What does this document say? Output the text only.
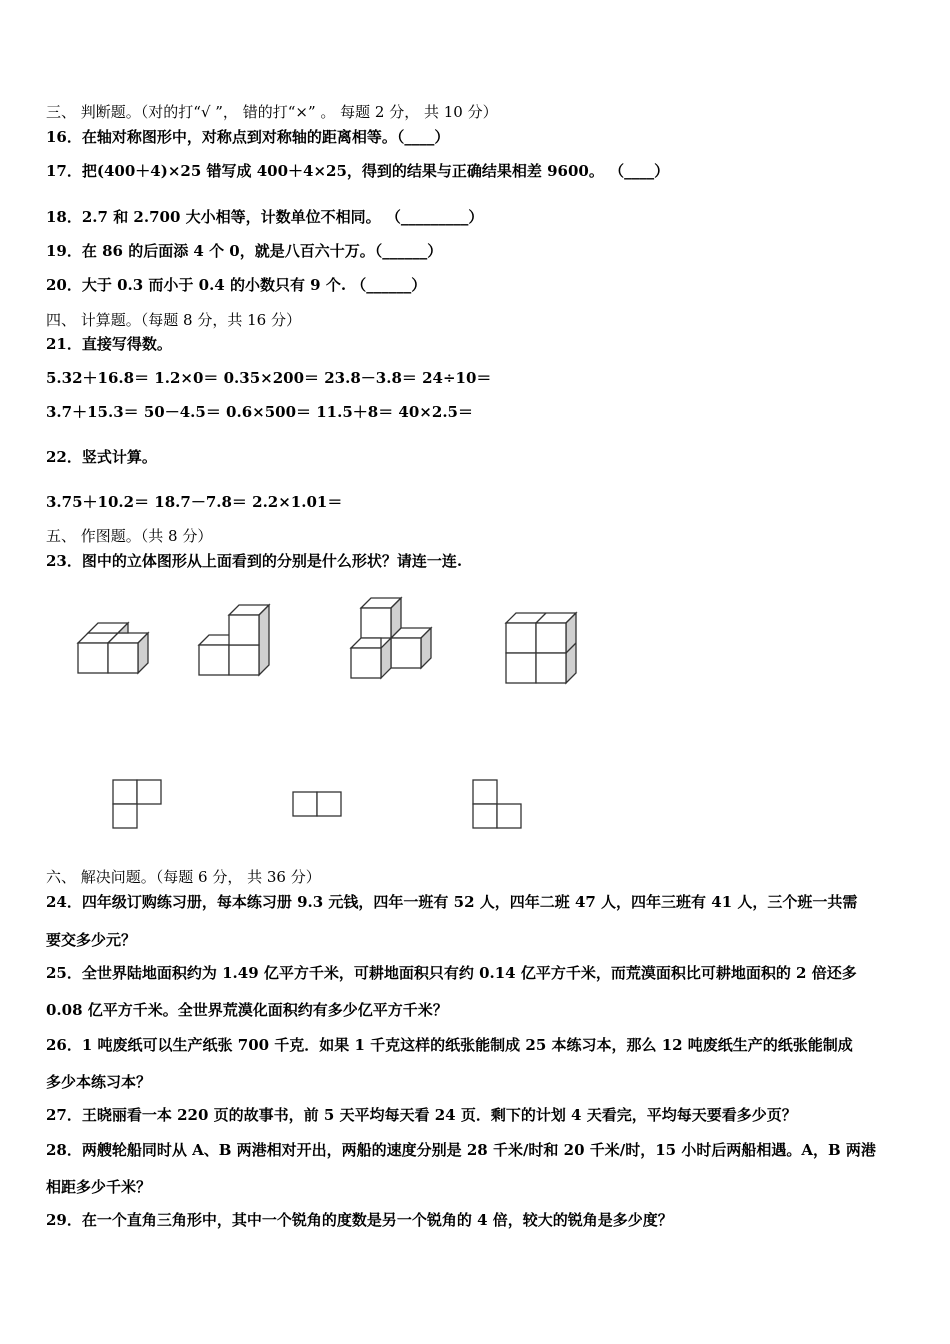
三、 判断题。（对的打“√ ”， 错的打“×” 。 每题 2 分， 共 10 分）
16．在轴对称图形中，对称点到对称轴的距离相等。（____）
17．把(400＋4)×25 错写成 400＋4×25，得到的结果与正确结果相差 9600。 （____）
18．2.7 和 2.700 大小相等，计数单位不相同。 （_________）
19．在 86 的后面添 4 个 0，就是八百六十万。（______）
20．大于 0.3 而小于 0.4 的小数只有 9 个. （______）
四、 计算题。（每题 8 分，共 16 分）
21．直接写得数。
5.32＋16.8＝ 1.2×0＝ 0.35×200＝ 23.8－3.8＝ 24÷10＝
3.7＋15.3＝ 50－4.5＝ 0.6×500＝ 11.5＋8＝ 40×2.5＝
22．竖式计算。
3.75＋10.2＝ 18.7－7.8＝ 2.2×1.01＝
五、 作图题。（共 8 分）
23．图中的立体图形从上面看到的分别是什么形状？请连一连.
六、 解决问题。（每题 6 分， 共 36 分）
24．四年级订购练习册，每本练习册 9.3 元钱，四年一班有 52 人，四年二班 47 人，四年三班有 41 人，三个班一共需
要交多少元？
25．全世界陆地面积约为 1.49 亿平方千米，可耕地面积只有约 0.14 亿平方千米，而荒漠面积比可耕地面积的 2 倍还多
0.08 亿平方千米。全世界荒漠化面积约有多少亿平方千米？
26．1 吨废纸可以生产纸张 700 千克．如果 1 千克这样的纸张能制成 25 本练习本，那么 12 吨废纸生产的纸张能制成
多少本练习本？
27．王晓丽看一本 220 页的故事书，前 5 天平均每天看 24 页．剩下的计划 4 天看完，平均每天要看多少页？
28．两艘轮船同时从 A、B 两港相对开出，两船的速度分别是 28 千米/时和 20 千米/时，15 小时后两船相遇。A，B 两港
相距多少千米？
29．在一个直角三角形中，其中一个锐角的度数是另一个锐角的 4 倍，较大的锐角是多少度？
